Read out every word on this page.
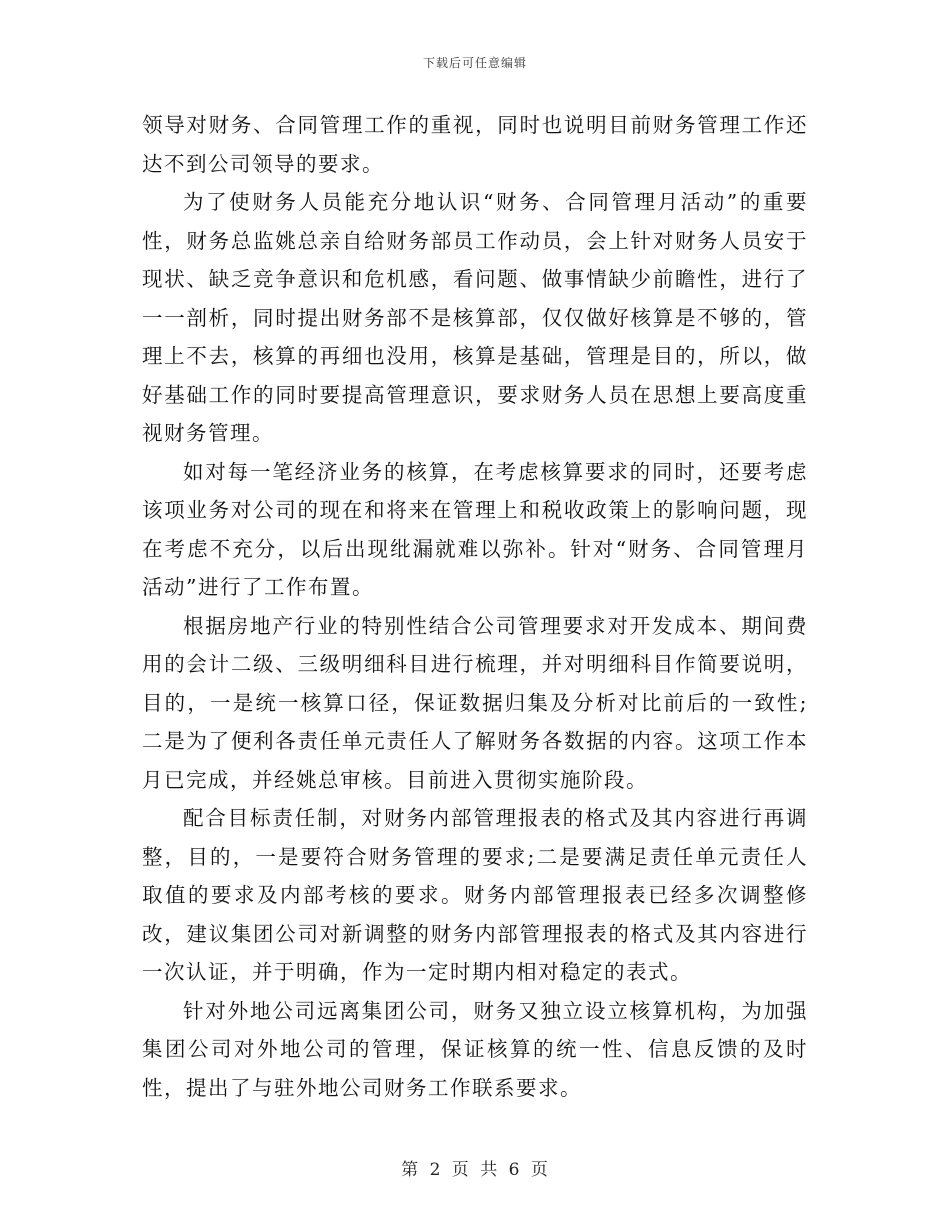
下载后可任意编辑

领导对财务、合同管理工作的重视，同时也说明目前财务管理工作还达不到公司领导的要求。

为了使财务人员能充分地认识“财务、合同管理月活动”的重要性，财务总监姚总亲自给财务部员工作动员，会上针对财务人员安于现状、缺乏竞争意识和危机感，看问题、做事情缺少前瞻性，进行了一一剖析，同时提出财务部不是核算部，仅仅做好核算是不够的，管理上不去，核算的再细也没用，核算是基础，管理是目的，所以，做好基础工作的同时要提高管理意识，要求财务人员在思想上要高度重视财务管理。

如对每一笔经济业务的核算，在考虑核算要求的同时，还要考虑该项业务对公司的现在和将来在管理上和税收政策上的影响问题，现在考虑不充分，以后出现纰漏就难以弥补。针对“财务、合同管理月活动”进行了工作布置。

根据房地产行业的特别性结合公司管理要求对开发成本、期间费用的会计二级、三级明细科目进行梳理，并对明细科目作简要说明，目的，一是统一核算口径，保证数据归集及分析对比前后的一致性;二是为了便利各责任单元责任人了解财务各数据的内容。这项工作本月已完成，并经姚总审核。目前进入贯彻实施阶段。

配合目标责任制，对财务内部管理报表的格式及其内容进行再调整，目的，一是要符合财务管理的要求;二是要满足责任单元责任人取值的要求及内部考核的要求。财务内部管理报表已经多次调整修改，建议集团公司对新调整的财务内部管理报表的格式及其内容进行一次认证，并于明确，作为一定时期内相对稳定的表式。

针对外地公司远离集团公司，财务又独立设立核算机构，为加强集团公司对外地公司的管理，保证核算的统一性、信息反馈的及时性，提出了与驻外地公司财务工作联系要求。

第 2 页 共 6 页
